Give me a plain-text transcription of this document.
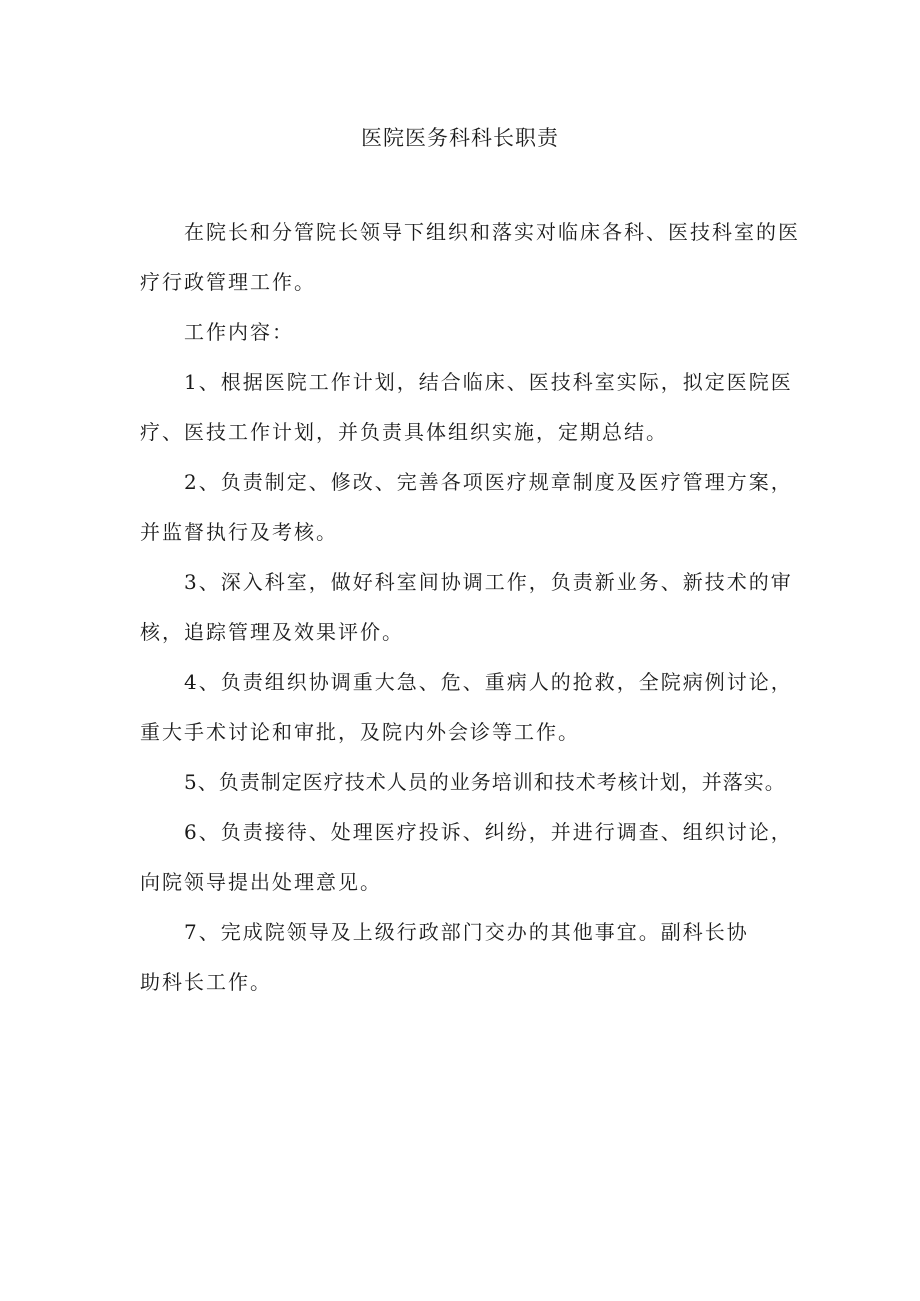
医院医务科科长职责

在院长和分管院长领导下组织和落实对临床各科、医技科室的医疗行政管理工作。

工作内容：

1、根据医院工作计划，结合临床、医技科室实际，拟定医院医疗、医技工作计划，并负责具体组织实施，定期总结。

2、负责制定、修改、完善各项医疗规章制度及医疗管理方案，并监督执行及考核。

3、深入科室，做好科室间协调工作，负责新业务、新技术的审核，追踪管理及效果评价。

4、负责组织协调重大急、危、重病人的抢救，全院病例讨论，重大手术讨论和审批，及院内外会诊等工作。

5、负责制定医疗技术人员的业务培训和技术考核计划，并落实。

6、负责接待、处理医疗投诉、纠纷，并进行调查、组织讨论，向院领导提出处理意见。

7、完成院领导及上级行政部门交办的其他事宜。副科长协助科长工作。
